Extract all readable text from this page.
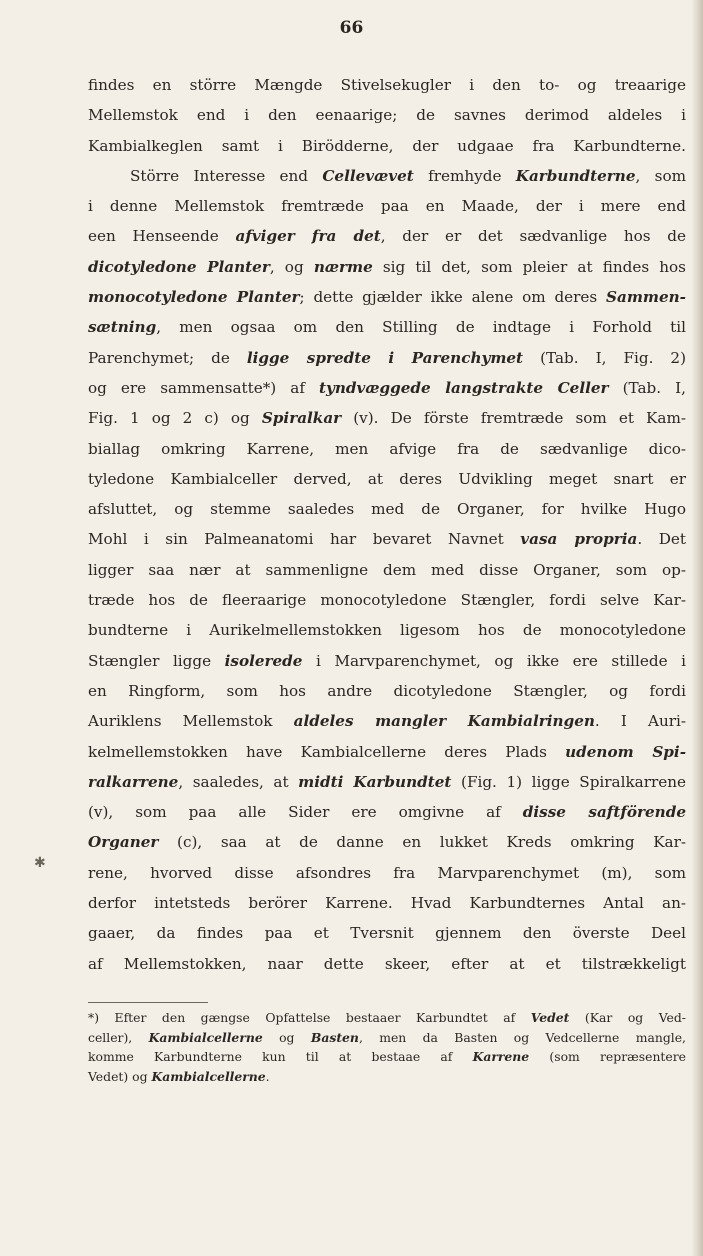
66
findes en större Mængde Stivelsekugler i den to- og treaarige
Mellemstok end i den eenaarige; de savnes derimod aldeles i
Kambialkeglen samt i Birödderne, der udgaae fra Karbundterne.
Större Interesse end Cellevævet fremhyde Karbundterne, som
i denne Mellemstok fremtræde paa en Maade, der i mere end
een Henseende afviger fra det, der er det sædvanlige hos de
dicotyledone Planter, og nærme sig til det, som pleier at findes hos
monocotyledone Planter; dette gjælder ikke alene om deres Sammen-
sætning, men ogsaa om den Stilling de indtage i Forhold til
Parenchymet; de ligge spredte i Parenchymet (Tab. I, Fig. 2)
og ere sammensatte*) af tyndvæggede langstrakte Celler (Tab. I,
Fig. 1 og 2 c) og Spiralkar (v). De förste fremtræde som et Kam-
biallag omkring Karrene, men afvige fra de sædvanlige dico-
tyledone Kambialceller derved, at deres Udvikling meget snart er
afsluttet, og stemme saaledes med de Organer, for hvilke Hugo
Mohl i sin Palmeanatomi har bevaret Navnet vasa propria. Det
ligger saa nær at sammenligne dem med disse Organer, som op-
træde hos de fleeraarige monocotyledone Stængler, fordi selve Kar-
bundterne i Aurikelmellemstokken ligesom hos de monocotyledone
Stængler ligge isolerede i Marvparenchymet, og ikke ere stillede i
en Ringform, som hos andre dicotyledone Stængler, og fordi
Auriklens Mellemstok aldeles mangler Kambialringen. I Auri-
kelmellemstokken have Kambialcellerne deres Plads udenom Spi-
ralkarrene, saaledes, at midti Karbundtet (Fig. 1) ligge Spiralkarrene
(v), som paa alle Sider ere omgivne af disse saftförende
Organer (c), saa at de danne en lukket Kreds omkring Kar-
rene, hvorved disse afsondres fra Marvparenchymet (m), som
derfor intetsteds berörer Karrene. Hvad Karbundternes Antal an-
gaaer, da findes paa et Tversnit gjennem den överste Deel
af Mellemstokken, naar dette skeer, efter at et tilstrækkeligt
✱
*) Efter den gængse Opfattelse bestaaer Karbundtet af Vedet (Kar og Ved-
celler), Kambialcellerne og Basten, men da Basten og Vedcellerne mangle,
komme Karbundterne kun til at bestaae af Karrene (som repræsentere
Vedet) og Kambialcellerne.
